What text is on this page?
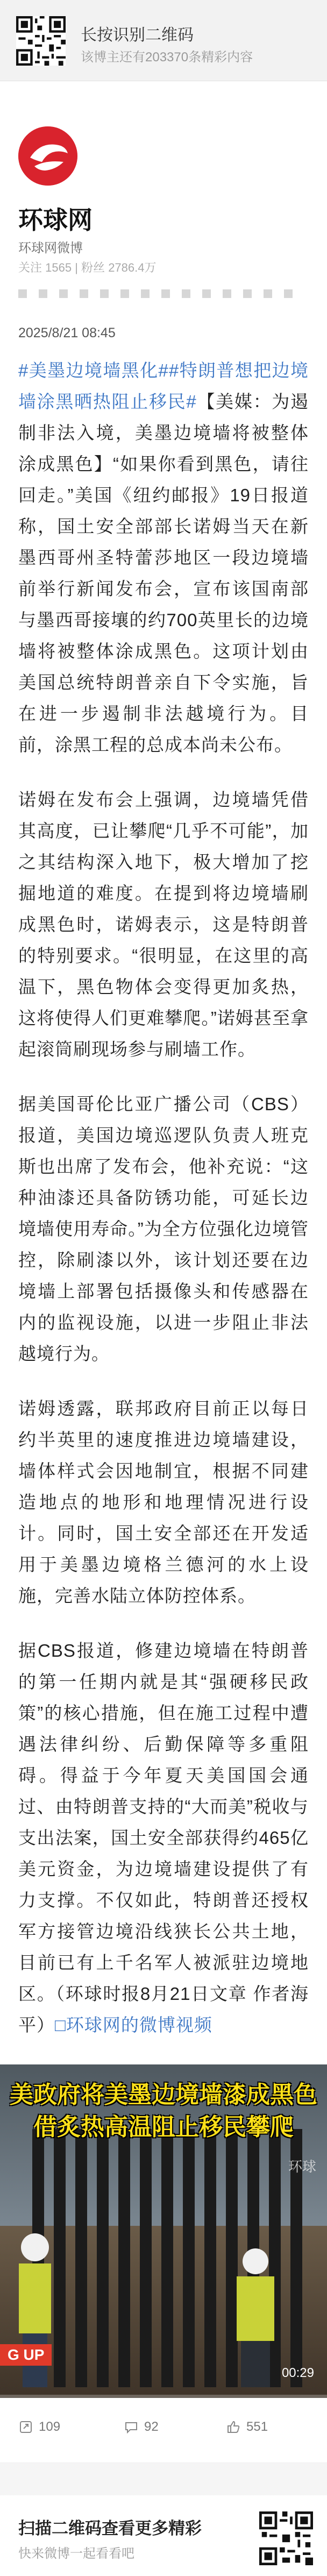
长按识别二维码
该博主还有203370条精彩内容
环球网
环球网微博
关注 1565 | 粉丝 2786.4万
2025/8/21 08:45

#美墨边境墙黑化##特朗普想把边境墙涂黑晒热阻止移民#【美媒：为遏制非法入境，美墨边境墙将被整体涂成黑色】“如果你看到黑色，请往回走。”美国《纽约邮报》19日报道称，国土安全部部长诺姆当天在新墨西哥州圣特蕾莎地区一段边境墙前举行新闻发布会，宣布该国南部与墨西哥接壤的约700英里长的边境墙将被整体涂成黑色。这项计划由美国总统特朗普亲自下令实施，旨在进一步遏制非法越境行为。目前，涂黑工程的总成本尚未公布。

诺姆在发布会上强调，边境墙凭借其高度，已让攀爬“几乎不可能”，加之其结构深入地下，极大增加了挖掘地道的难度。在提到将边境墙刷成黑色时，诺姆表示，这是特朗普的特别要求。“很明显，在这里的高温下，黑色物体会变得更加炙热，这将使得人们更难攀爬。”诺姆甚至拿起滚筒刷现场参与刷墙工作。

据美国哥伦比亚广播公司（CBS）报道，美国边境巡逻队负责人班克斯也出席了发布会，他补充说：“这种油漆还具备防锈功能，可延长边境墙使用寿命。”为全方位强化边境管控，除刷漆以外，该计划还要在边境墙上部署包括摄像头和传感器在内的监视设施，以进一步阻止非法越境行为。

诺姆透露，联邦政府目前正以每日约半英里的速度推进边境墙建设，墙体样式会因地制宜，根据不同建造地点的地形和地理情况进行设计。同时，国土安全部还在开发适用于美墨边境格兰德河的水上设施，完善水陆立体防控体系。

据CBS报道，修建边境墙在特朗普的第一任期内就是其“强硬移民政策”的核心措施，但在施工过程中遭遇法律纠纷、后勤保障等多重阻碍。得益于今年夏天美国国会通过、由特朗普支持的“大而美”税收与支出法案，国土安全部获得约465亿美元资金，为边境墙建设提供了有力支撑。不仅如此，特朗普还授权军方接管边境沿线狭长公共土地，目前已有上千名军人被派驻边境地区。（环球时报8月21日文章 作者海平）□环球网的微博视频

美政府将美墨边境墙漆成黑色
借炙热高温阻止移民攀爬
环球
G UP
00:29
109	92	551
扫描二维码查看更多精彩
快来微博一起看看吧
